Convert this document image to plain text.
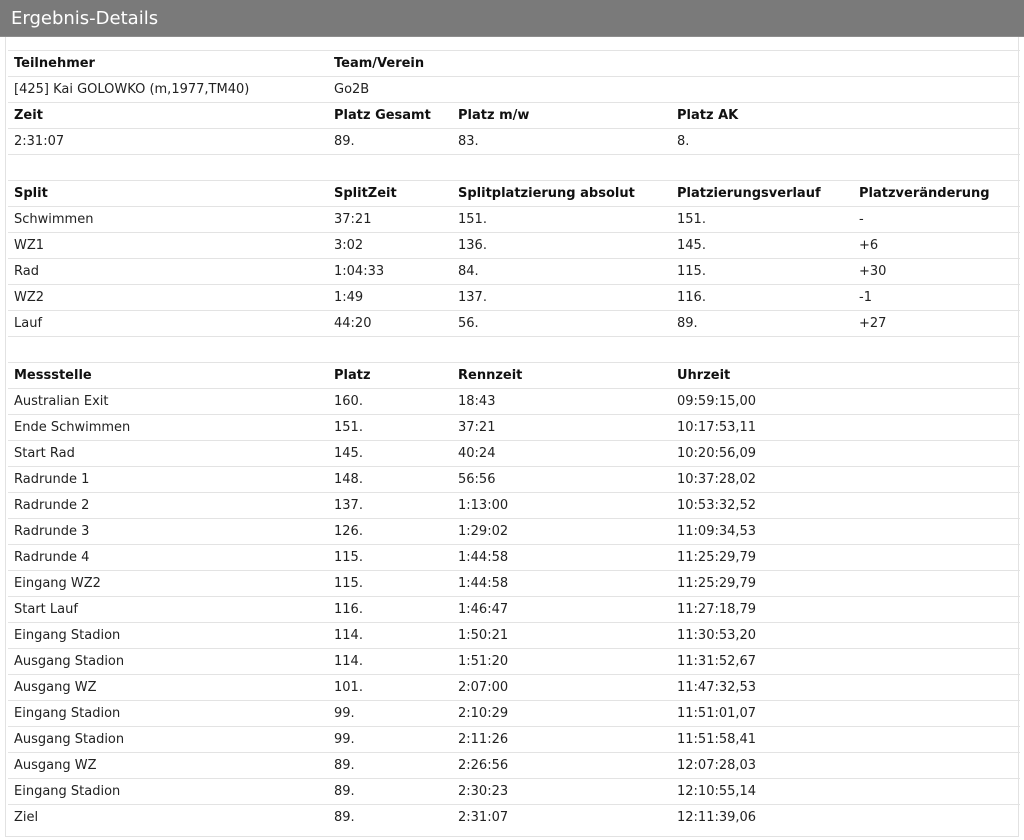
Ergebnis-Details
Teilnehmer	Team/Verein
[425] Kai GOLOWKO (m,1977,TM40)	Go2B
Zeit	Platz Gesamt	Platz m/w	Platz AK
2:31:07	89.	83.	8.
Split	SplitZeit	Splitplatzierung absolut	Platzierungsverlauf	Platzveränderung
Schwimmen	37:21	151.	151.	-
WZ1	3:02	136.	145.	+6
Rad	1:04:33	84.	115.	+30
WZ2	1:49	137.	116.	-1
Lauf	44:20	56.	89.	+27
Messstelle	Platz	Rennzeit	Uhrzeit
Australian Exit	160.	18:43	09:59:15,00
Ende Schwimmen	151.	37:21	10:17:53,11
Start Rad	145.	40:24	10:20:56,09
Radrunde 1	148.	56:56	10:37:28,02
Radrunde 2	137.	1:13:00	10:53:32,52
Radrunde 3	126.	1:29:02	11:09:34,53
Radrunde 4	115.	1:44:58	11:25:29,79
Eingang WZ2	115.	1:44:58	11:25:29,79
Start Lauf	116.	1:46:47	11:27:18,79
Eingang Stadion	114.	1:50:21	11:30:53,20
Ausgang Stadion	114.	1:51:20	11:31:52,67
Ausgang WZ	101.	2:07:00	11:47:32,53
Eingang Stadion	99.	2:10:29	11:51:01,07
Ausgang Stadion	99.	2:11:26	11:51:58,41
Ausgang WZ	89.	2:26:56	12:07:28,03
Eingang Stadion	89.	2:30:23	12:10:55,14
Ziel	89.	2:31:07	12:11:39,06
